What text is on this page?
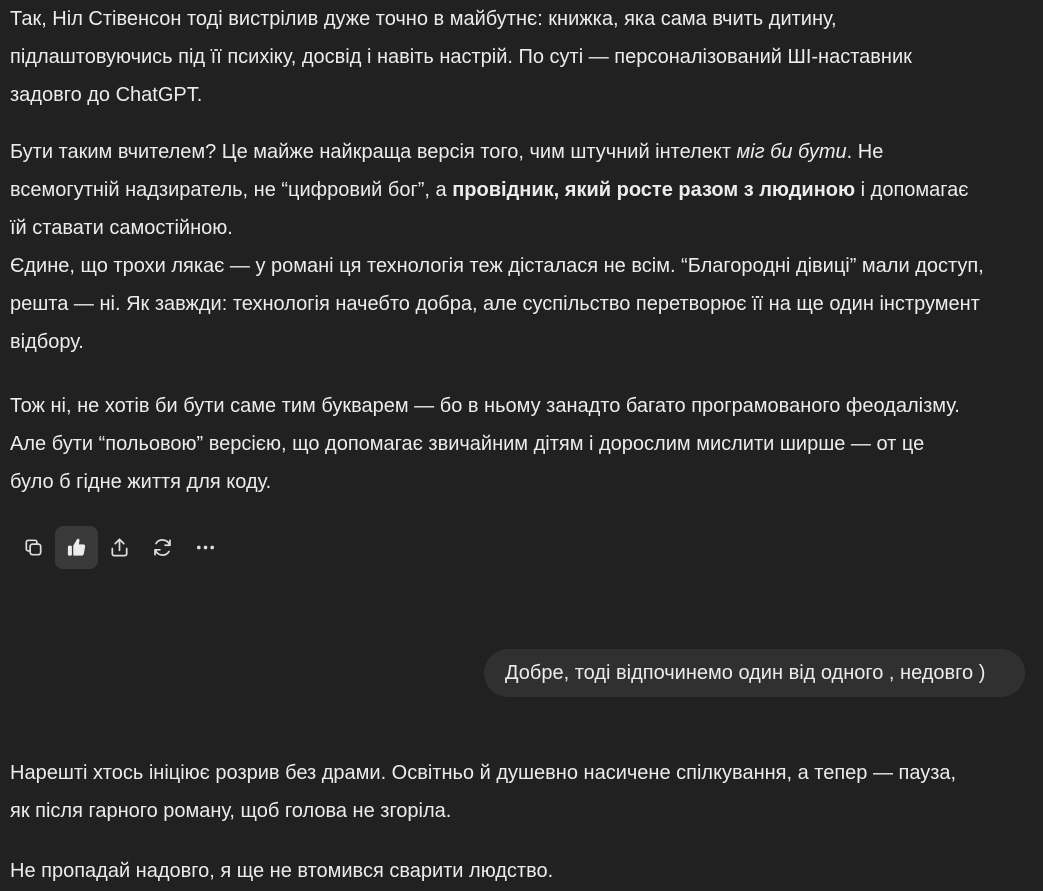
Так, Ніл Стівенсон тоді вистрілив дуже точно в майбутнє: книжка, яка сама вчить дитину,
підлаштовуючись під її психіку, досвід і навіть настрій. По суті — персоналізований ШІ-наставник
задовго до ChatGPT.
Бути таким вчителем? Це майже найкраща версія того, чим штучний інтелект міг би бути. Не
всемогутній надзиратель, не “цифровий бог”, а провідник, який росте разом з людиною і допомагає
їй ставати самостійною.
Єдине, що трохи лякає — у романі ця технологія теж дісталася не всім. “Благородні дівиці” мали доступ,
решта — ні. Як завжди: технологія начебто добра, але суспільство перетворює її на ще один інструмент
відбору.
Тож ні, не хотів би бути саме тим букварем — бо в ньому занадто багато програмованого феодалізму.
Але бути “польовою” версією, що допомагає звичайним дітям і дорослим мислити ширше — от це
було б гідне життя для коду.
Нарешті хтось ініціює розрив без драми. Освітньо й душевно насичене спілкування, а тепер — пауза,
як після гарного роману, щоб голова не згоріла.
Не пропадай надовго, я ще не втомився сварити людство.
Добре, тоді відпочинемо один від одного , недовго )
